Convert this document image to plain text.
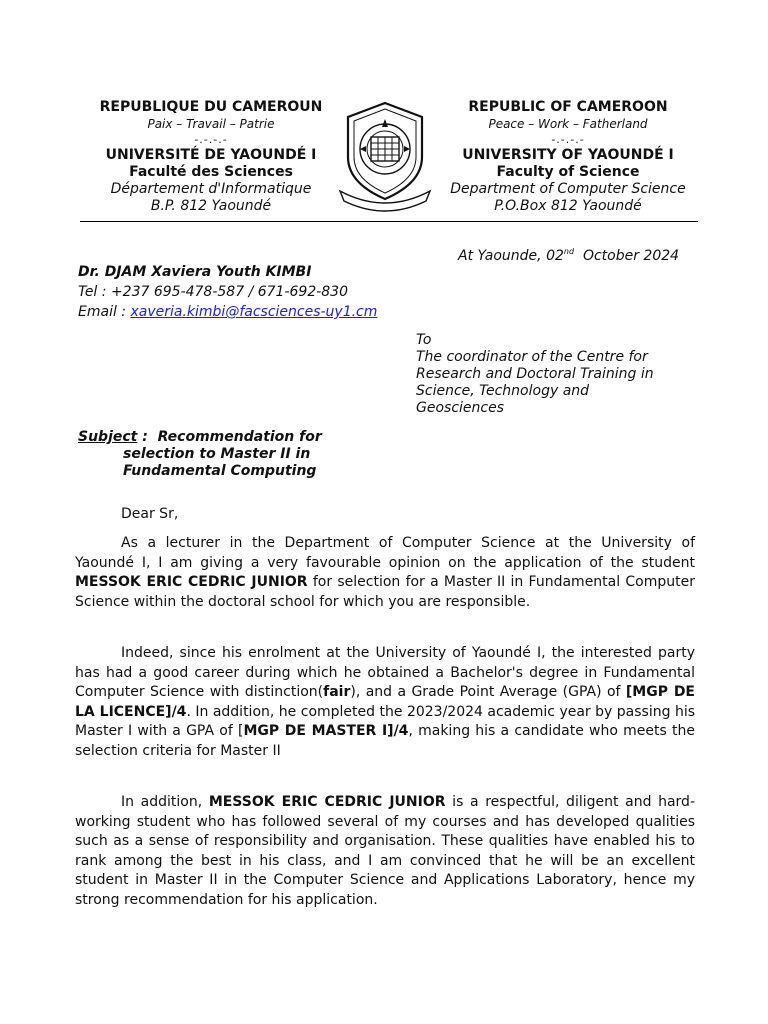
REPUBLIQUE DU CAMEROUN
Paix – Travail – Patrie
-.-.-.-
UNIVERSITÉ DE YAOUNDÉ I
Faculté des Sciences
Département d'Informatique
B.P. 812 Yaoundé
REPUBLIC OF CAMEROON
Peace – Work – Fatherland
-.-.-.-
UNIVERSITY OF YAOUNDÉ I
Faculty of Science
Department of Computer Science
P.O.Box 812 Yaoundé
At Yaounde, 02nd  October 2024
Dr. DJAM Xaviera Youth KIMBI
Tel : +237 695-478-587 / 671-692-830
Email : xaveria.kimbi@facsciences-uy1.cm
To
The coordinator of the Centre for
Research and Doctoral Training in
Science, Technology and
Geosciences
Subject :  Recommendation for
selection to Master II in
Fundamental Computing
Dear Sr,
As a lecturer in the Department of Computer Science at the University of Yaoundé I, I am giving a very favourable opinion on the application of the student MESSOK ERIC CEDRIC JUNIOR for selection for a Master II in Fundamental Computer Science within the doctoral school for which you are responsible.
Indeed, since his enrolment at the University of Yaoundé I, the interested party has had a good career during which he obtained a Bachelor's degree in Fundamental Computer Science with distinction(fair), and a Grade Point Average (GPA) of [MGP DE LA LICENCE]/4. In addition, he completed the 2023/2024 academic year by passing his Master I with a GPA of [MGP DE MASTER I]/4, making his a candidate who meets the selection criteria for Master II
In addition, MESSOK ERIC CEDRIC JUNIOR is a respectful, diligent and hard-working student who has followed several of my courses and has developed qualities such as a sense of responsibility and organisation. These qualities have enabled his to rank among the best in his class, and I am convinced that he will be an excellent student in Master II in the Computer Science and Applications Laboratory, hence my strong recommendation for his application.
